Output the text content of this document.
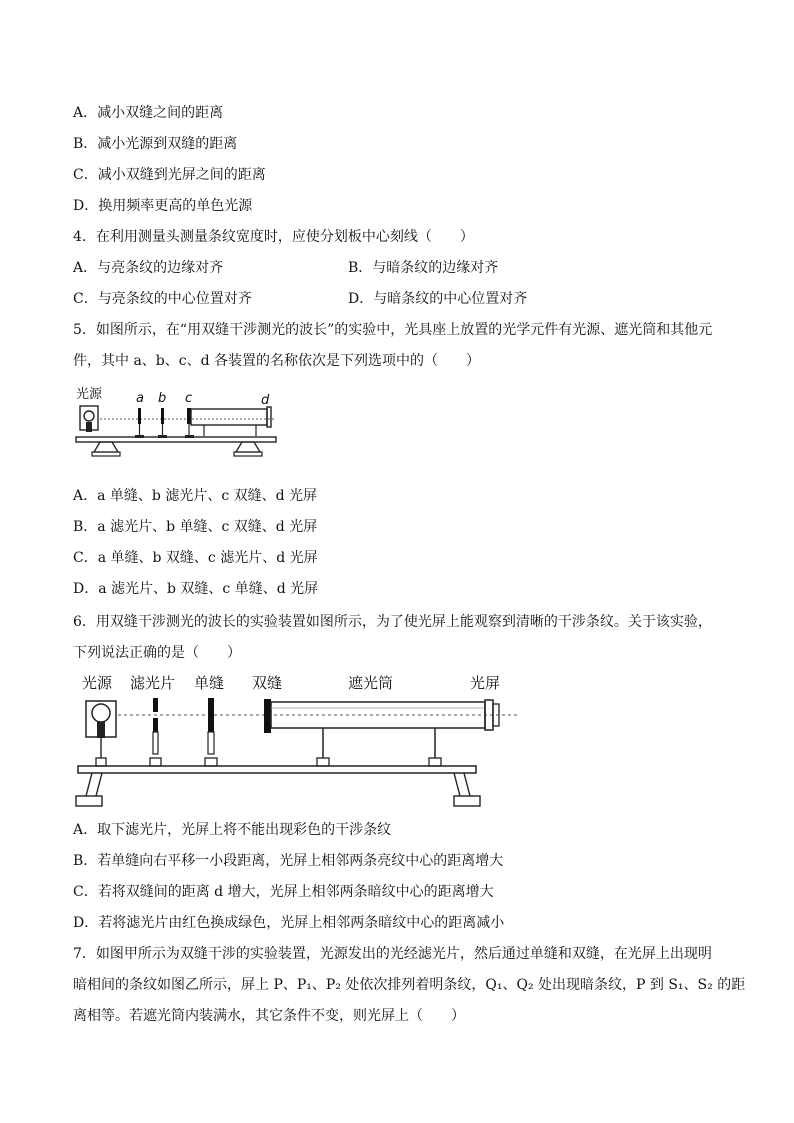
A．减小双缝之间的距离
B．减小光源到双缝的距离
C．减小双缝到光屏之间的距离
D．换用频率更高的单色光源
4．在利用测量头测量条纹宽度时，应使分划板中心刻线（　　）
A．与亮条纹的边缘对齐	B．与暗条纹的边缘对齐
C．与亮条纹的中心位置对齐	D．与暗条纹的中心位置对齐
5．如图所示，在“用双缝干涉测光的波长”的实验中，光具座上放置的光学元件有光源、遮光筒和其他元
件，其中 a、b、c、d 各装置的名称依次是下列选项中的（　　）
光源	a b c	d
A．a 单缝、b 滤光片、c 双缝、d 光屏
B．a 滤光片、b 单缝、c 双缝、d 光屏
C．a 单缝、b 双缝、c 滤光片、d 光屏
D．a 滤光片、b 双缝、c 单缝、d 光屏
6．用双缝干涉测光的波长的实验装置如图所示，为了使光屏上能观察到清晰的干涉条纹。关于该实验，
下列说法正确的是（　　）
光源 滤光片 单缝 双缝	遮光筒	光屏
A．取下滤光片，光屏上将不能出现彩色的干涉条纹
B．若单缝向右平移一小段距离，光屏上相邻两条亮纹中心的距离增大
C．若将双缝间的距离 d 增大，光屏上相邻两条暗纹中心的距离增大
D．若将滤光片由红色换成绿色，光屏上相邻两条暗纹中心的距离减小
7．如图甲所示为双缝干涉的实验装置，光源发出的光经滤光片，然后通过单缝和双缝，在光屏上出现明
暗相间的条纹如图乙所示，屏上 P、P₁、P₂ 处依次排列着明条纹，Q₁、Q₂ 处出现暗条纹，P 到 S₁、S₂ 的距
离相等。若遮光筒内装满水，其它条件不变，则光屏上（　　）
